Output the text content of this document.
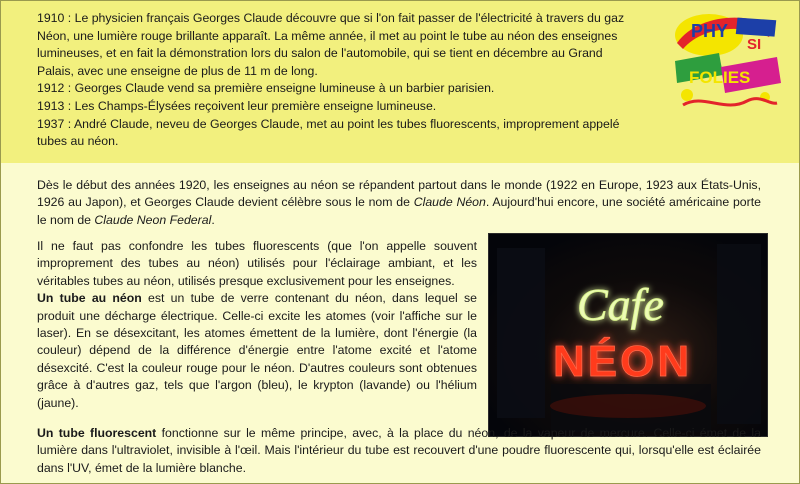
1910 : Le physicien français Georges Claude découvre que si l'on fait passer de l'électricité à travers du gaz Néon, une lumière rouge brillante apparaît. La même année, il met au point le tube au néon des enseignes lumineuses, et en fait la démonstration lors du salon de l'automobile, qui se tient en décembre au Grand Palais, avec une enseigne de plus de 11 m de long.
1912 : Georges Claude vend sa première enseigne lumineuse à un barbier parisien.
1913 : Les Champs-Élysées reçoivent leur première enseigne lumineuse.
1937 : André Claude, neveu de Georges Claude, met au point les tubes fluorescents, improprement appelé tubes au néon.
PHY
SI
FOLIES
Dès le début des années 1920, les enseignes au néon se répandent partout dans le monde (1922 en Europe, 1923 aux États-Unis, 1926 au Japon), et Georges Claude devient célèbre sous le nom de Claude Néon. Aujourd'hui encore, une société américaine porte le nom de Claude Neon Federal.
Il ne faut pas confondre les tubes fluorescents (que l'on appelle souvent improprement des tubes au néon) utilisés pour l'éclairage ambiant, et les véritables tubes au néon, utilisés presque exclusivement pour les enseignes.
Un tube au néon est un tube de verre contenant du néon, dans lequel se produit une décharge électrique. Celle-ci excite les atomes (voir l'affiche sur le laser). En se désexcitant, les atomes émettent de la lumière, dont l'énergie (la couleur) dépend de la différence d'énergie entre l'atome excité et l'atome désexcité. C'est la couleur rouge pour le néon. D'autres couleurs sont obtenues grâce à d'autres gaz, tels que l'argon (bleu), le krypton (lavande) ou l'hélium (jaune).
Cafe
NÉON
Un tube fluorescent fonctionne sur le même principe, avec, à la place du néon, de la vapeur de mercure. Celle-ci émet de la lumière dans l'ultraviolet, invisible à l'œil. Mais l'intérieur du tube est recouvert d'une poudre fluorescente qui, lorsqu'elle est éclairée dans l'UV, émet de la lumière blanche.
